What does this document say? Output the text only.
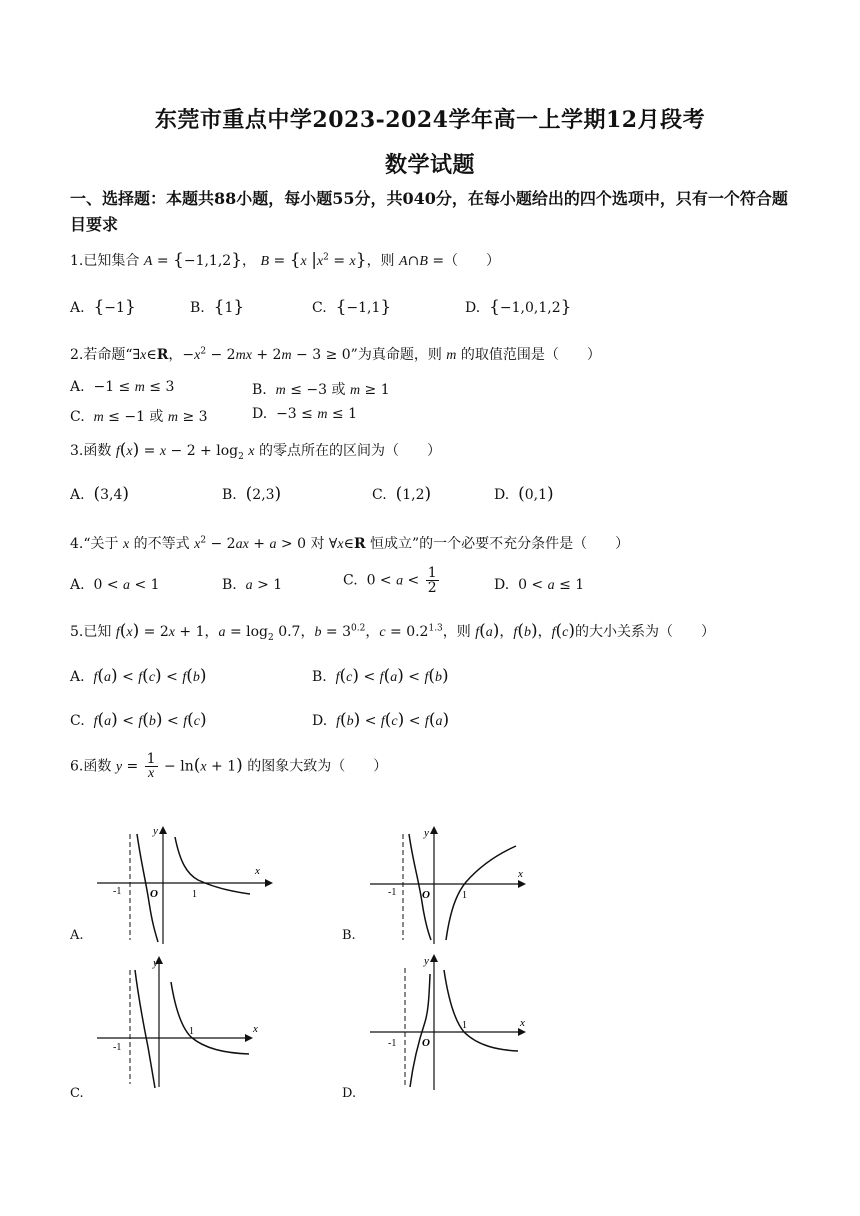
东莞市重点中学2023-2024学年高一上学期12月段考
数学试题
一、选择题：本题共88小题，每小题55分，共040分，在每小题给出的四个选项中，只有一个符合题目要求
1.已知集合 A = {−1,1,2}， B = {x $|x^2 = x$}，则 A∩B =（　　）
A.  {−1}	B.  {1}	C.  {−1,1}	D.  {−1,0,1,2}
2.若命题“∃x∈R，$-x^2 - 2mx + 2m - 3 \ge 0$”为真命题，则 m 的取值范围是（　　）
A.  −1 ≤ m ≤ 3	B.  m ≤ −3 或 m ≥ 1
C.  m ≤ −1 或 m ≥ 3	D.  −3 ≤ m ≤ 1
3.函数 $f(x) = x - 2 + \log_2 x$ 的零点所在的区间为（　　）
A.  (3,4)	B.  (2,3)	C.  (1,2)	D.  (0,1)
4.“关于 x 的不等式 $x^2 - 2ax + a > 0$ 对 ∀x∈R 恒成立”的一个必要不充分条件是（　　）
A.  0 < a < 1	B.  a > 1	C.  $0 < a < \frac{1}{2}$	D.  0 < a ≤ 1
5.已知 f(x) = 2x + 1，$a = \log_2 0.7$，$b = 3^{0.2}$，$c = 0.2^{1.3}$，则 f(a)，f(b)，f(c)的大小关系为（　　）
A.  f(a) < f(c) < f(b)	B.  f(c) < f(a) < f(b)
C.  f(a) < f(b) < f(c)	D.  f(b) < f(c) < f(a)
6.函数 $y = \frac{1}{x} - \ln(x + 1)$ 的图象大致为（　　）
A.
x
y
-1	O	1
B.
x
y
-1 O	1
C.
x
y
-1
1
D.
x
y
-1 O
1
